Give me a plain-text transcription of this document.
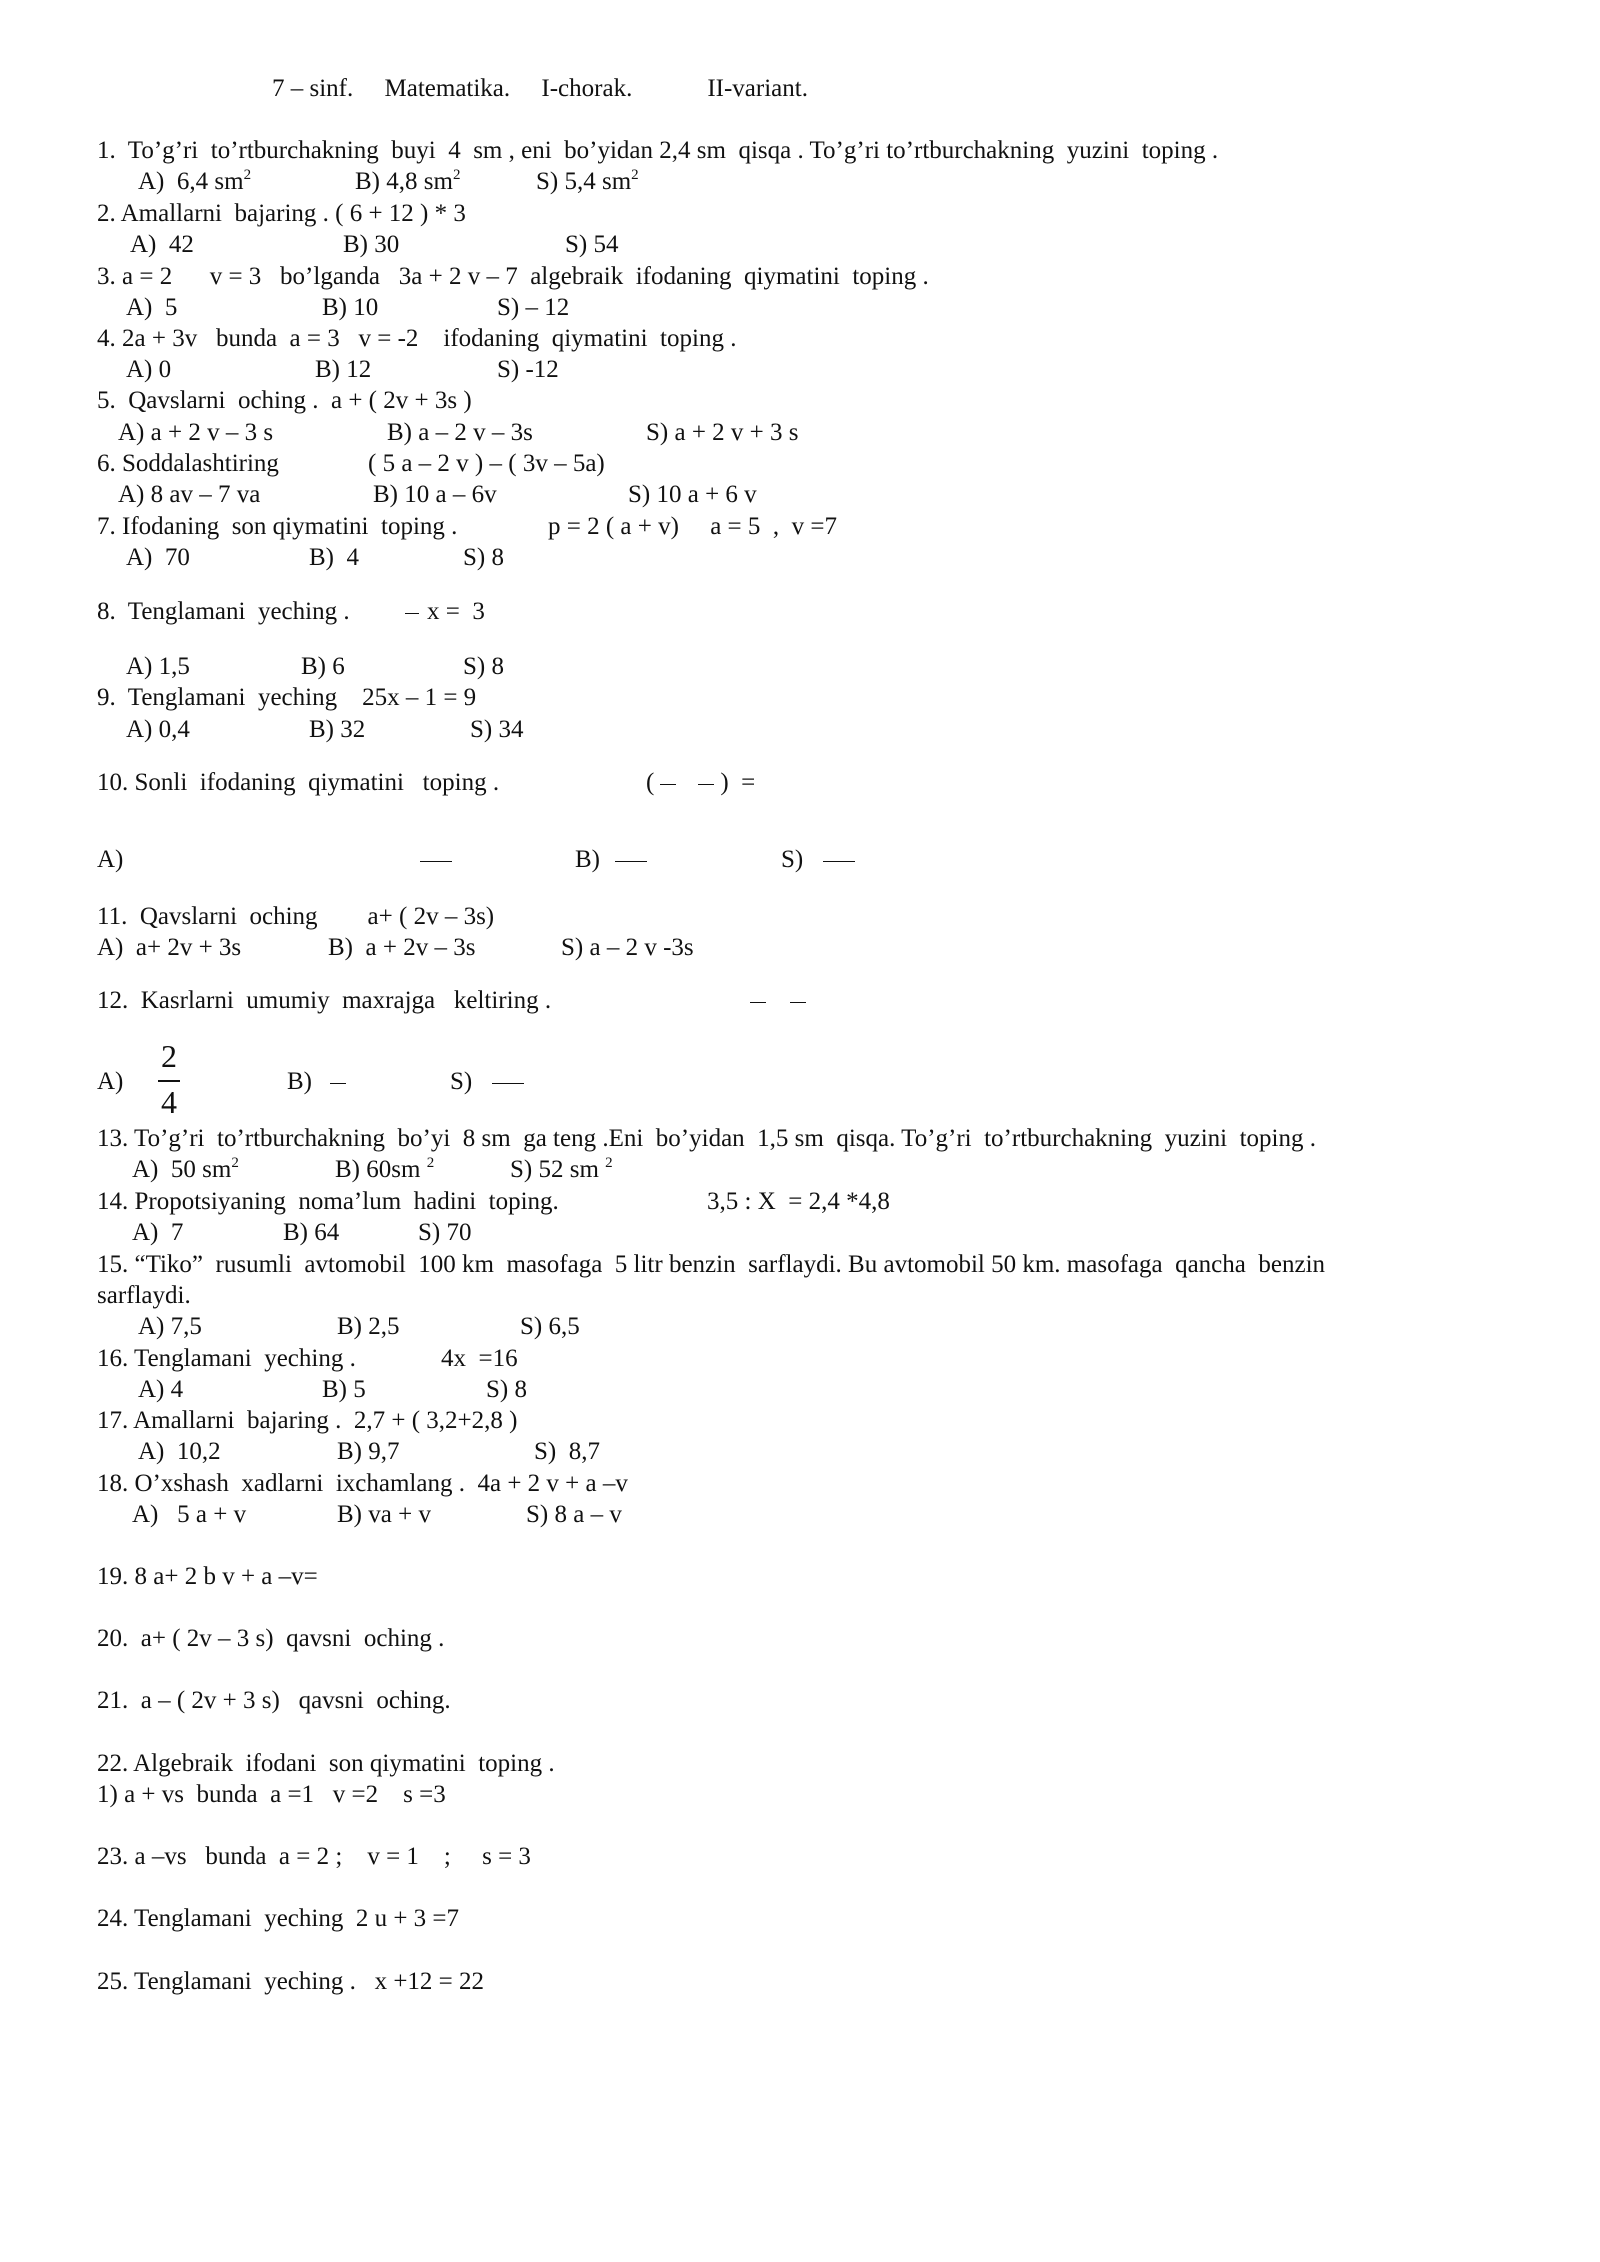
7 – sinf.     Matematika.     I-chorak.            II-variant.
1.  To’g’ri  to’rtburchakning  buyi  4  sm , eni  bo’yidan 2,4 sm  qisqa . To’g’ri to’rtburchakning  yuzini  toping .
A)  6,4 $sm^2$	B) 4,8 $sm^2$	S) 5,4 $sm^2$
2. Amallarni  bajaring . ( 6 + 12 ) * 3
A)  42	B) 30	S) 54
3. a = 2      v = 3   bo’lganda   3a + 2 v – 7  algebraik  ifodaning  qiymatini  toping .
A)  5	B) 10	S) – 12
4. 2a + 3v   bunda  a = 3   v = -2    ifodaning  qiymatini  toping .
A) 0	B) 12	S) -12
5.  Qavslarni  oching .  a + ( 2v + 3s )
A) a + 2 v – 3 s	B) a – 2 v – 3s	S) a + 2 v + 3 s
6. Soddalashtiring	( 5 a – 2 v ) – ( 3v – 5a)
A) 8 av – 7 va	B) 10 a – 6v	S) 10 a + 6 v
7. Ifodaning  son qiymatini  toping .	p = 2 ( a + v)     a = 5  ,  v =7
A)  70	B)  4	S) 8
8.  Tenglamani  yeching .	x =  3
A) 1,5	B) 6	S) 8
9.  Tenglamani  yeching    25x – 1 = 9
A) 0,4	B) 32	S) 34
10. Sonli  ifodaning  qiymatini   toping .	(	)  =
A)	B)	S)
11.  Qavslarni  oching        a+ ( 2v – 3s)
A)  a+ 2v + 3s	B)  a + 2v – 3s	S) a – 2 v -3s
12.  Kasrlarni  umumiy  maxrajga   keltiring .
A)
2
4
B)	S)
13. To’g’ri  to’rtburchakning  bo’yi  8 sm  ga teng .Eni  bo’yidan  1,5 sm  qisqa. To’g’ri  to’rtburchakning  yuzini  toping .
A)  50 $sm^2$	B) 60sm $^2$	S) 52 sm $^2$
14. Propotsiyaning  noma’lum  hadini  toping.	3,5 : X  = 2,4 *4,8
A)  7	B) 64	S) 70
15. “Tiko”  rusumli  avtomobil  100 km  masofaga  5 litr benzin  sarflaydi. Bu avtomobil 50 km. masofaga  qancha  benzin
sarflaydi.
A) 7,5	B) 2,5	S) 6,5
16. Tenglamani  yeching .	4x  =16
A) 4	B) 5	S) 8
17. Amallarni  bajaring .  2,7 + ( 3,2+2,8 )
A)  10,2	B) 9,7	S)  8,7
18. O’xshash  xadlarni  ixchamlang .  4a + 2 v + a –v
A)   5 a + v	B) va + v	S) 8 a – v
19. 8 a+ 2 b v + a –v=
20.  a+ ( 2v – 3 s)  qavsni  oching .
21.  a – ( 2v + 3 s)   qavsni  oching.
22. Algebraik  ifodani  son qiymatini  toping .
1) a + vs  bunda  a =1   v =2    s =3
23. a –vs   bunda  a = 2 ;    v = 1    ;     s = 3
24. Tenglamani  yeching  2 u + 3 =7
25. Tenglamani  yeching .   x +12 = 22
